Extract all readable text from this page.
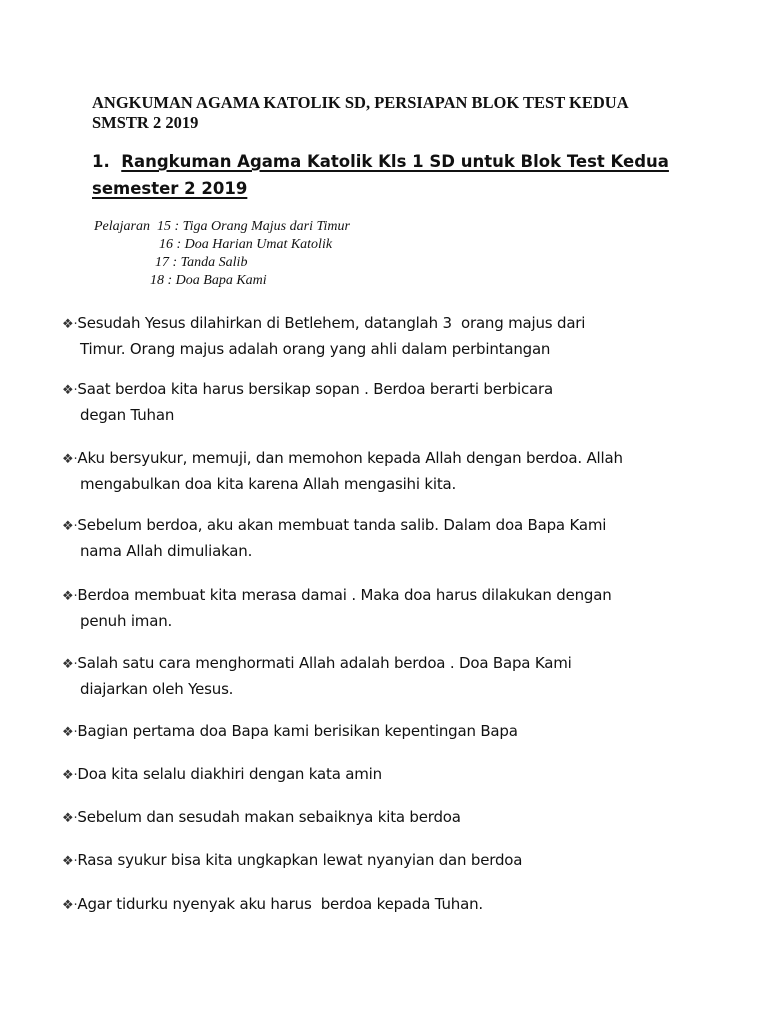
ANGKUMAN AGAMA KATOLIK SD, PERSIAPAN BLOK TEST KEDUA
SMSTR 2 2019
1. Rangkuman Agama Katolik Kls 1 SD untuk Blok Test Kedua
semester 2 2019
Pelajaran  15 : Tiga Orang Majus dari Timur
16 : Doa Harian Umat Katolik
17 : Tanda Salib
18 : Doa Bapa Kami
❖·Sesudah Yesus dilahirkan di Betlehem, datanglah 3  orang majus dari
Timur. Orang majus adalah orang yang ahli dalam perbintangan
❖·Saat berdoa kita harus bersikap sopan . Berdoa berarti berbicara
degan Tuhan
❖·Aku bersyukur, memuji, dan memohon kepada Allah dengan berdoa. Allah
mengabulkan doa kita karena Allah mengasihi kita.
❖·Sebelum berdoa, aku akan membuat tanda salib. Dalam doa Bapa Kami
nama Allah dimuliakan.
❖·Berdoa membuat kita merasa damai . Maka doa harus dilakukan dengan
penuh iman.
❖·Salah satu cara menghormati Allah adalah berdoa . Doa Bapa Kami
diajarkan oleh Yesus.
❖·Bagian pertama doa Bapa kami berisikan kepentingan Bapa
❖·Doa kita selalu diakhiri dengan kata amin
❖·Sebelum dan sesudah makan sebaiknya kita berdoa
❖·Rasa syukur bisa kita ungkapkan lewat nyanyian dan berdoa
❖·Agar tidurku nyenyak aku harus  berdoa kepada Tuhan.
